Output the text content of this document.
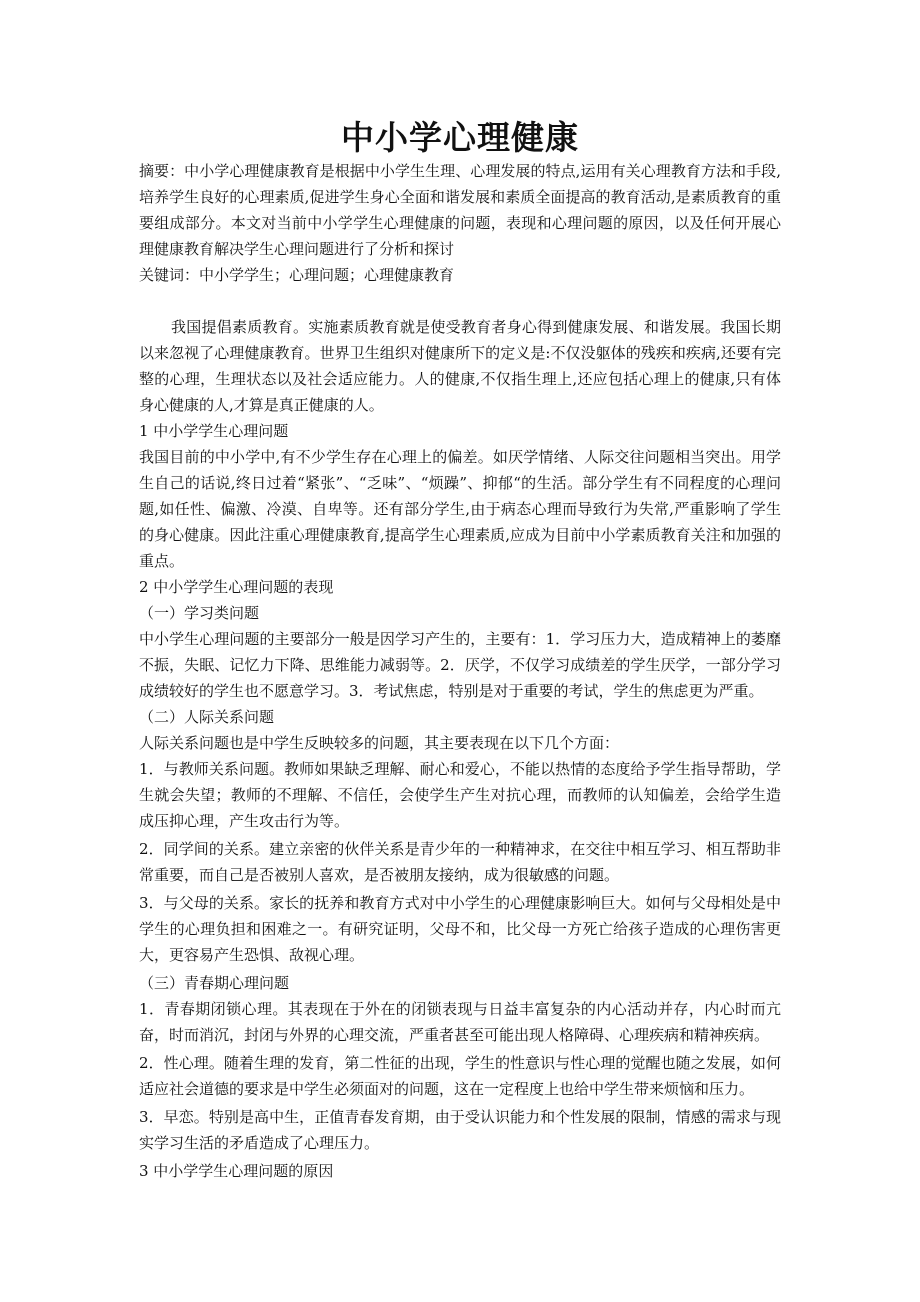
中小学心理健康

摘要：中小学心理健康教育是根据中小学生生理、心理发展的特点,运用有关心理教育方法和手段,培养学生良好的心理素质,促进学生身心全面和谐发展和素质全面提高的教育活动,是素质教育的重要组成部分。本文对当前中小学学生心理健康的问题，表现和心理问题的原因，以及任何开展心理健康教育解决学生心理问题进行了分析和探讨

关键词：中小学学生；心理问题；心理健康教育

我国提倡素质教育。实施素质教育就是使受教育者身心得到健康发展、和谐发展。我国长期以来忽视了心理健康教育。世界卫生组织对健康所下的定义是:不仅没躯体的残疾和疾病,还要有完整的心理，生理状态以及社会适应能力。人的健康,不仅指生理上,还应包括心理上的健康,只有体身心健康的人,才算是真正健康的人。

1 中小学学生心理问题

我国目前的中小学中,有不少学生存在心理上的偏差。如厌学情绪、人际交往问题相当突出。用学生自己的话说,终日过着“紧张”、“乏味”、“烦躁”、抑郁“的生活。部分学生有不同程度的心理问题,如任性、偏激、冷漠、自卑等。还有部分学生,由于病态心理而导致行为失常,严重影响了学生的身心健康。因此注重心理健康教育,提高学生心理素质,应成为目前中小学素质教育关注和加强的重点。

2 中小学学生心理问题的表现

（一）学习类问题

中小学生心理问题的主要部分一般是因学习产生的，主要有：1．学习压力大，造成精神上的萎靡不振，失眠、记忆力下降、思维能力减弱等。2．厌学，不仅学习成绩差的学生厌学，一部分学习成绩较好的学生也不愿意学习。3．考试焦虑，特别是对于重要的考试，学生的焦虑更为严重。

（二）人际关系问题

人际关系问题也是中学生反映较多的问题，其主要表现在以下几个方面：

1．与教师关系问题。教师如果缺乏理解、耐心和爱心，不能以热情的态度给予学生指导帮助，学生就会失望；教师的不理解、不信任，会使学生产生对抗心理，而教师的认知偏差，会给学生造成压抑心理，产生攻击行为等。

2．同学间的关系。建立亲密的伙伴关系是青少年的一种精神求，在交往中相互学习、相互帮助非常重要，而自己是否被别人喜欢，是否被朋友接纳，成为很敏感的问题。

3．与父母的关系。家长的抚养和教育方式对中小学生的心理健康影响巨大。如何与父母相处是中学生的心理负担和困难之一。有研究证明，父母不和，比父母一方死亡给孩子造成的心理伤害更大，更容易产生恐惧、敌视心理。

（三）青春期心理问题

1．青春期闭锁心理。其表现在于外在的闭锁表现与日益丰富复杂的内心活动并存，内心时而亢奋，时而消沉，封闭与外界的心理交流，严重者甚至可能出现人格障碍、心理疾病和精神疾病。

2．性心理。随着生理的发育，第二性征的出现，学生的性意识与性心理的觉醒也随之发展，如何适应社会道德的要求是中学生必须面对的问题，这在一定程度上也给中学生带来烦恼和压力。

3．早恋。特别是高中生，正值青春发育期，由于受认识能力和个性发展的限制，情感的需求与现实学习生活的矛盾造成了心理压力。

3 中小学学生心理问题的原因
